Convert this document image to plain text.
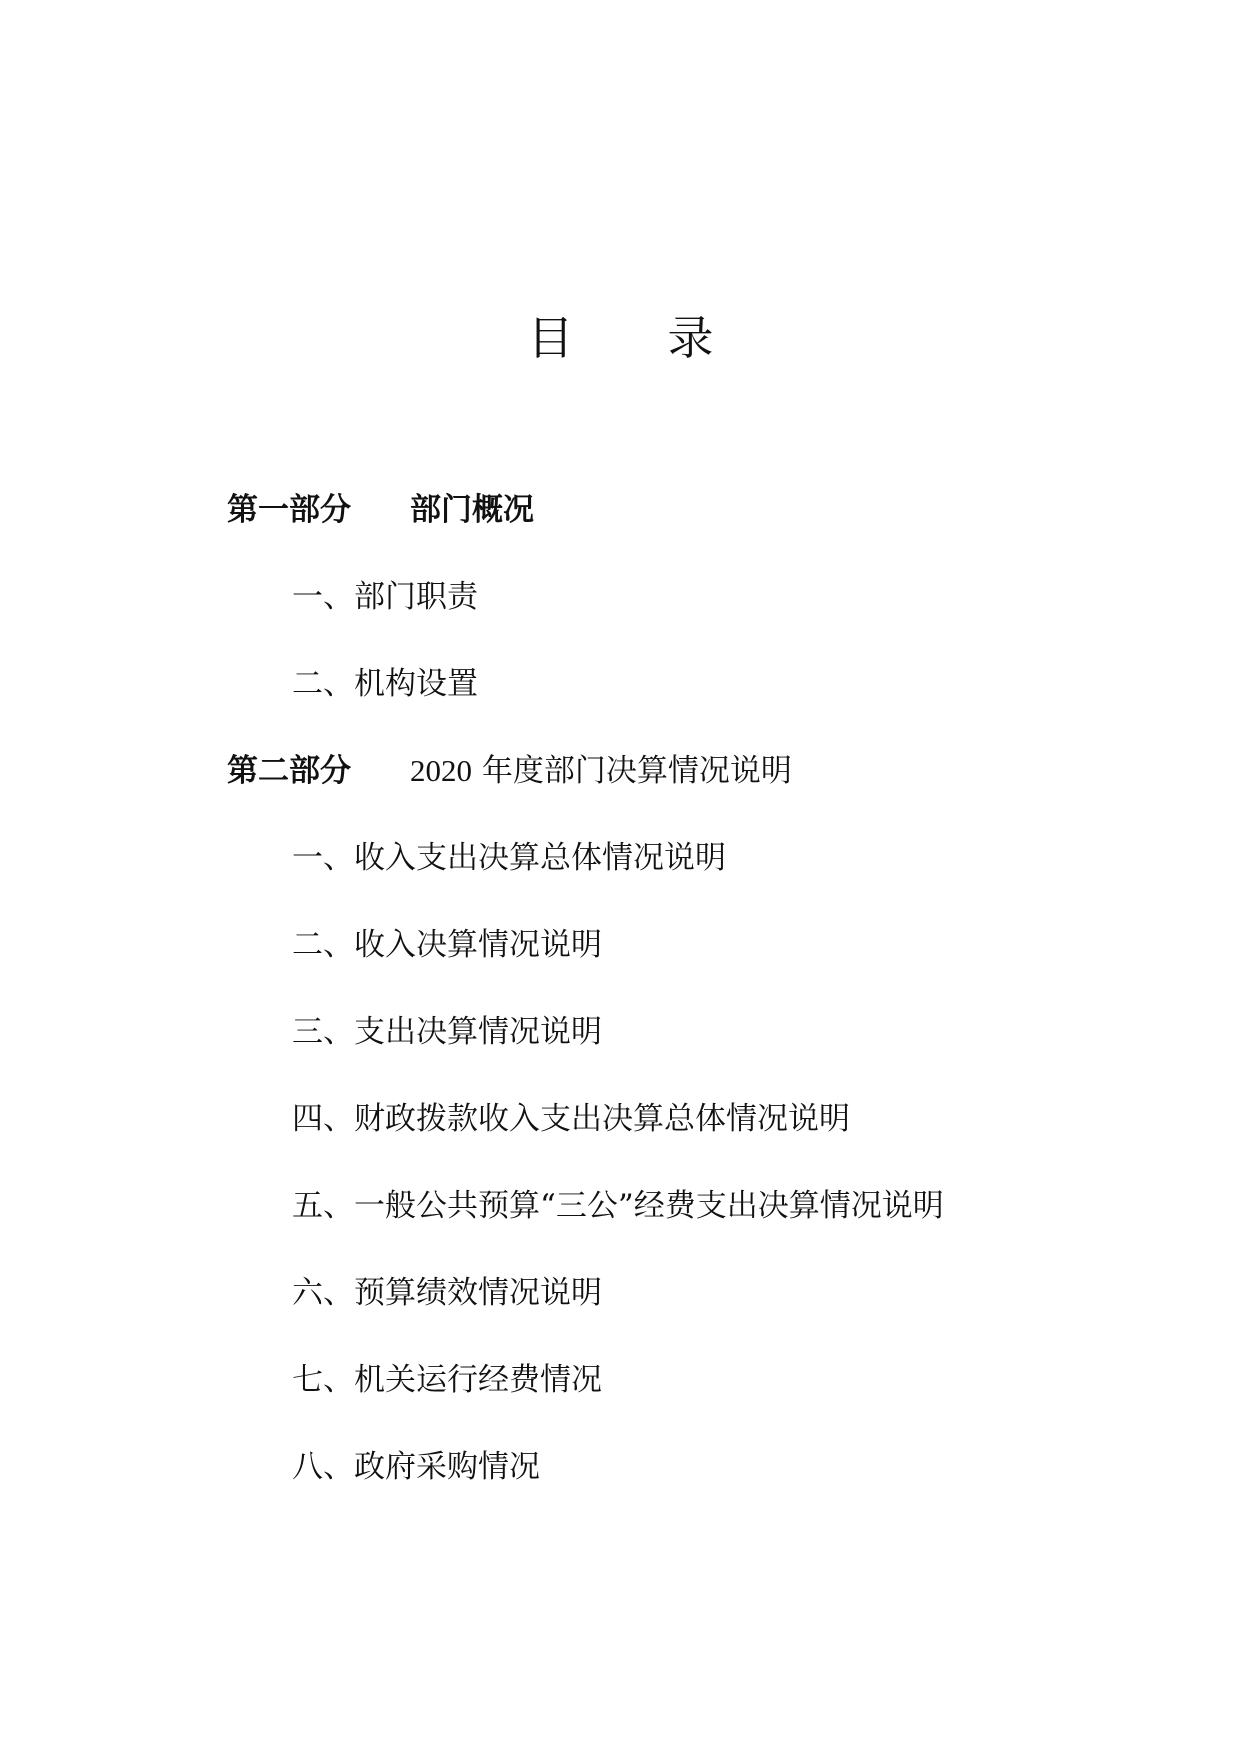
目 录
第一部分 部门概况
一、部门职责
二、机构设置
第二部分 2020 年度部门决算情况说明
一、收入支出决算总体情况说明
二、收入决算情况说明
三、支出决算情况说明
四、财政拨款收入支出决算总体情况说明
五、一般公共预算“三公”经费支出决算情况说明
六、预算绩效情况说明
七、机关运行经费情况
八、政府采购情况
